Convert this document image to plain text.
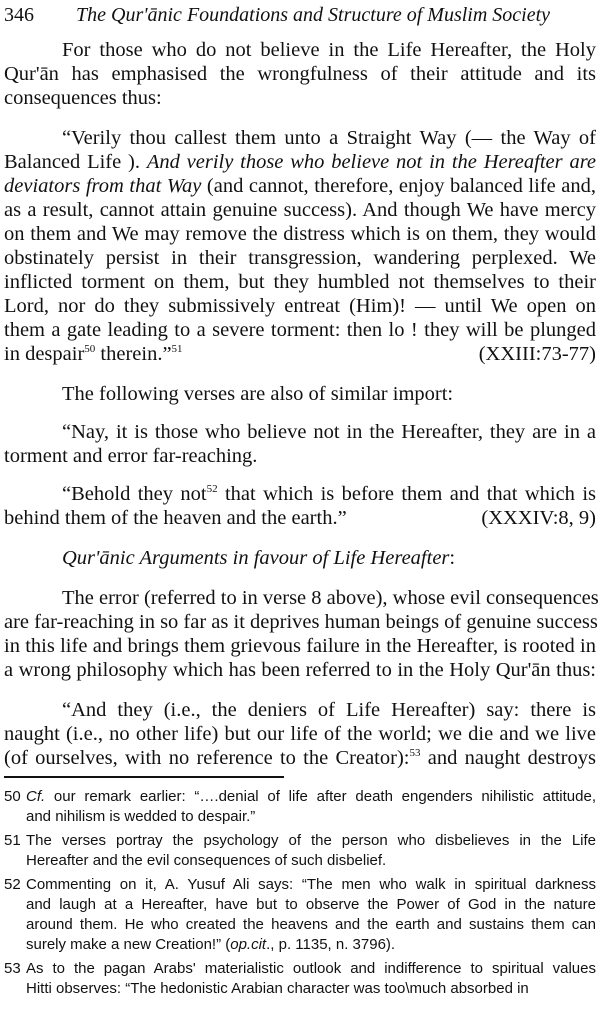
346 The Qur'ānic Foundations and Structure of Muslim Society
For those who do not believe in the Life Hereafter, the Holy
Qur'ān has emphasised the wrongfulness of their attitude and its
consequences thus:
“Verily thou callest them unto a Straight Way (— the Way of
Balanced Life ). And verily those who believe not in the Hereafter are
deviators from that Way (and cannot, therefore, enjoy balanced life and,
as a result, cannot attain genuine success). And though We have mercy
on them and We may remove the distress which is on them, they would
obstinately persist in their transgression, wandering perplexed. We
inflicted torment on them, but they humbled not themselves to their
Lord, nor do they submissively entreat (Him)! — until We open on
them a gate leading to a severe torment: then lo ! they will be plunged
in despair$^{50}$ therein.”$^{51}$	(XXIII:73-77)
The following verses are also of similar import:
“Nay, it is those who believe not in the Hereafter, they are in a
torment and error far-reaching.
“Behold they not$^{52}$ that which is before them and that which is
behind them of the heaven and the earth.”	(XXXIV:8, 9)
Qur'ānic Arguments in favour of Life Hereafter:
The error (referred to in verse 8 above), whose evil consequences
are far-reaching in so far as it deprives human beings of genuine success
in this life and brings them grievous failure in the Hereafter, is rooted in
a wrong philosophy which has been referred to in the Holy Qur'ān thus:
“And they (i.e., the deniers of Life Hereafter) say: there is
naught (i.e., no other life) but our life of the world; we die and we live
(of ourselves, with no reference to the Creator):$^{53}$ and naught destroys
50 Cf. our remark earlier: “….denial of life after death engenders nihilistic attitude,
and nihilism is wedded to despair.”
51 The verses portray the psychology of the person who disbelieves in the Life
Hereafter and the evil consequences of such disbelief.
52 Commenting on it, A. Yusuf Ali says: “The men who walk in spiritual darkness
and laugh at a Hereafter, have but to observe the Power of God in the nature
around them. He who created the heavens and the earth and sustains them can
surely make a new Creation!” (op.cit., p. 1135, n. 3796).
53 As to the pagan Arabs' materialistic outlook and indifference to spiritual values
Hitti observes: “The hedonistic Arabian character was too\much absorbed in
